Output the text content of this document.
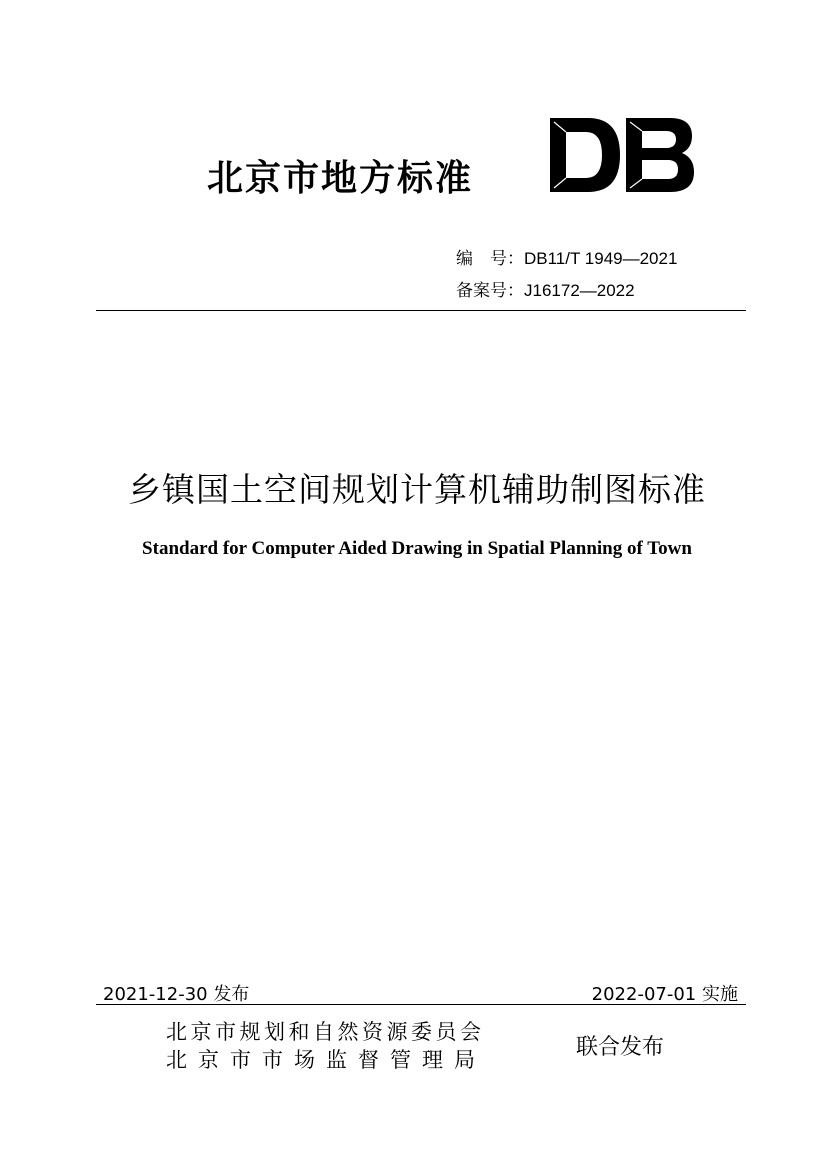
北京市地方标准
编　号：DB11/T 1949—2021
备案号：J16172—2022
乡镇国土空间规划计算机辅助制图标准
Standard for Computer Aided Drawing in Spatial Planning of Town
2021-12-30 发布	2022-07-01 实施
北京市规划和自然资源委员会
北京市市场监督管理局	联合发布
